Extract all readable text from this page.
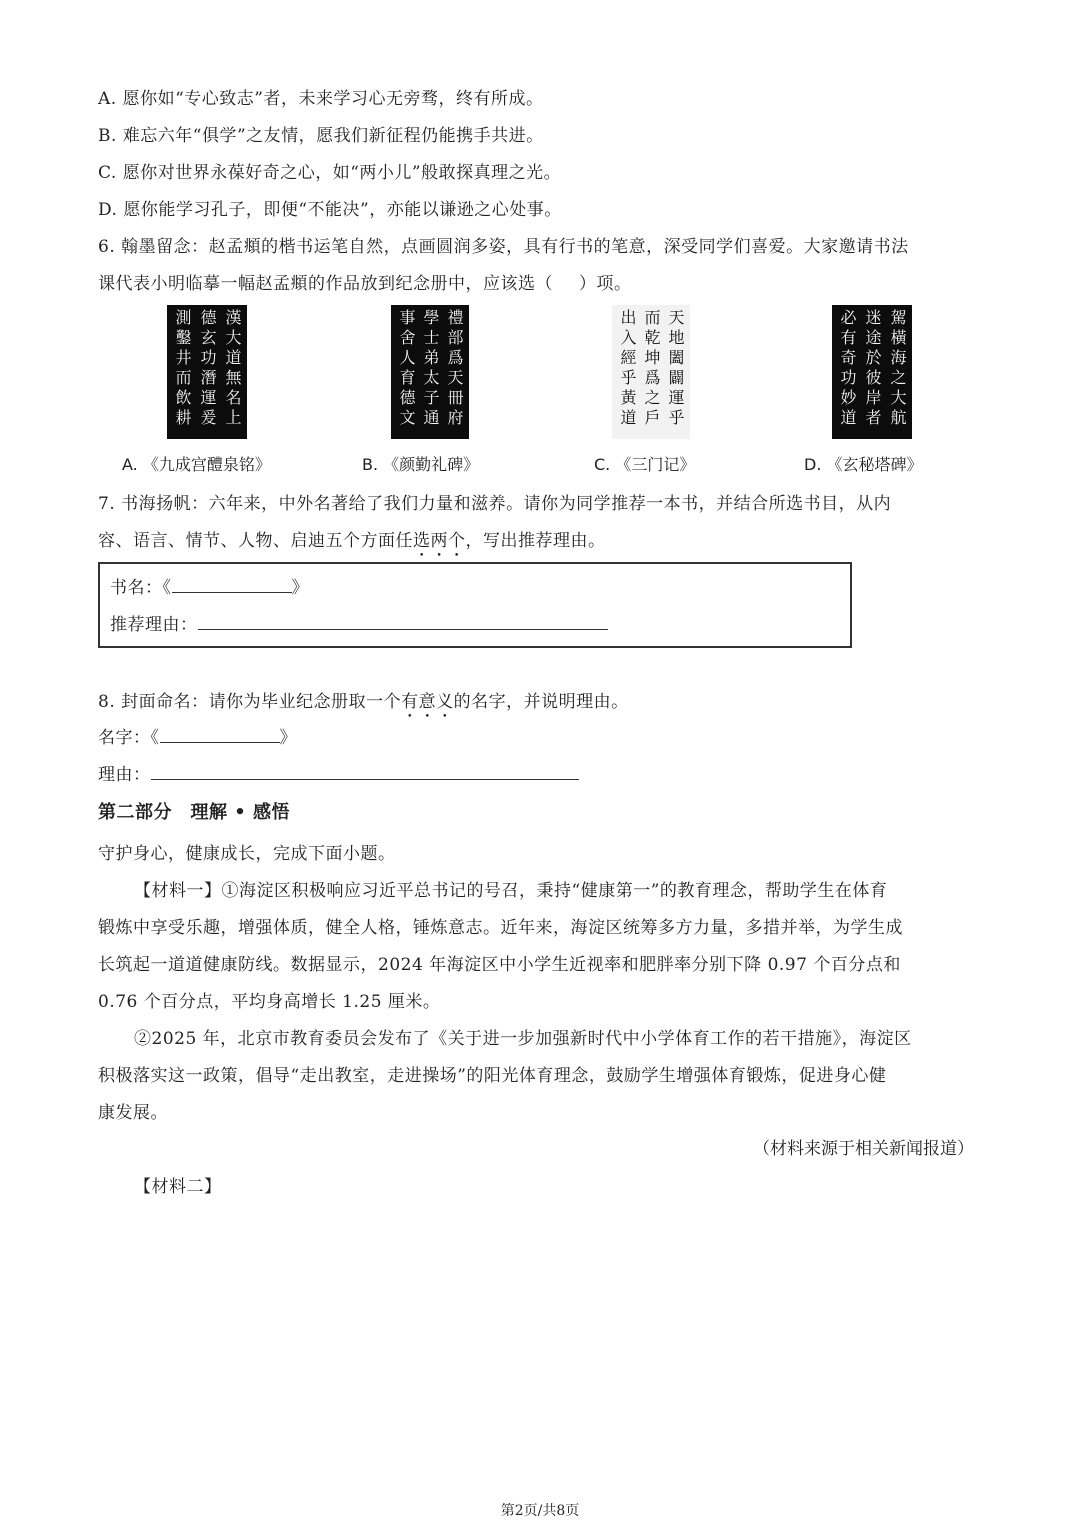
A. 愿你如“专心致志”者，未来学习心无旁骛，终有所成。
B. 难忘六年“俱学”之友情，愿我们新征程仍能携手共进。
C. 愿你对世界永葆好奇之心，如“两小儿”般敢探真理之光。
D. 愿你能学习孔子，即便“不能决”，亦能以谦逊之心处事。
6. 翰墨留念：赵孟頫的楷书运笔自然，点画圆润多姿，具有行书的笔意，深受同学们喜爱。大家邀请书法
课代表小明临摹一幅赵孟頫的作品放到纪念册中，应该选（ ）项。
漢大道無名上
德玄功潛運爰
測鑿井而飲耕	禮部爲天冊府
學士弟太子通
事舍人育德文	天地闔闢運乎
而乾坤爲之戶
出入經乎黃道	駕橫海之大航
迷途於彼岸者
必有奇功妙道
A. 《九成宫醴泉铭》	B. 《颜勤礼碑》	C. 《三门记》	D. 《玄秘塔碑》
7. 书海扬帆：六年来，中外名著给了我们力量和滋养。请你为同学推荐一本书，并结合所选书目，从内
容、语言、情节、人物、启迪五个方面任选两个，写出推荐理由。
书名：《	》
推荐理由：
8. 封面命名：请你为毕业纪念册取一个有意义的名字，并说明理由。
名字：《	》
理由：
第二部分　理解 • 感悟
守护身心，健康成长，完成下面小题。
【材料一】①海淀区积极响应习近平总书记的号召，秉持“健康第一”的教育理念，帮助学生在体育
锻炼中享受乐趣，增强体质，健全人格，锤炼意志。近年来，海淀区统筹多方力量，多措并举，为学生成
长筑起一道道健康防线。数据显示，2024 年海淀区中小学生近视率和肥胖率分别下降 0.97 个百分点和
0.76 个百分点，平均身高增长 1.25 厘米。
②2025 年，北京市教育委员会发布了《关于进一步加强新时代中小学体育工作的若干措施》，海淀区
积极落实这一政策，倡导“走出教室，走进操场”的阳光体育理念，鼓励学生增强体育锻炼，促进身心健
康发展。
（材料来源于相关新闻报道）
【材料二】
第2页/共8页
